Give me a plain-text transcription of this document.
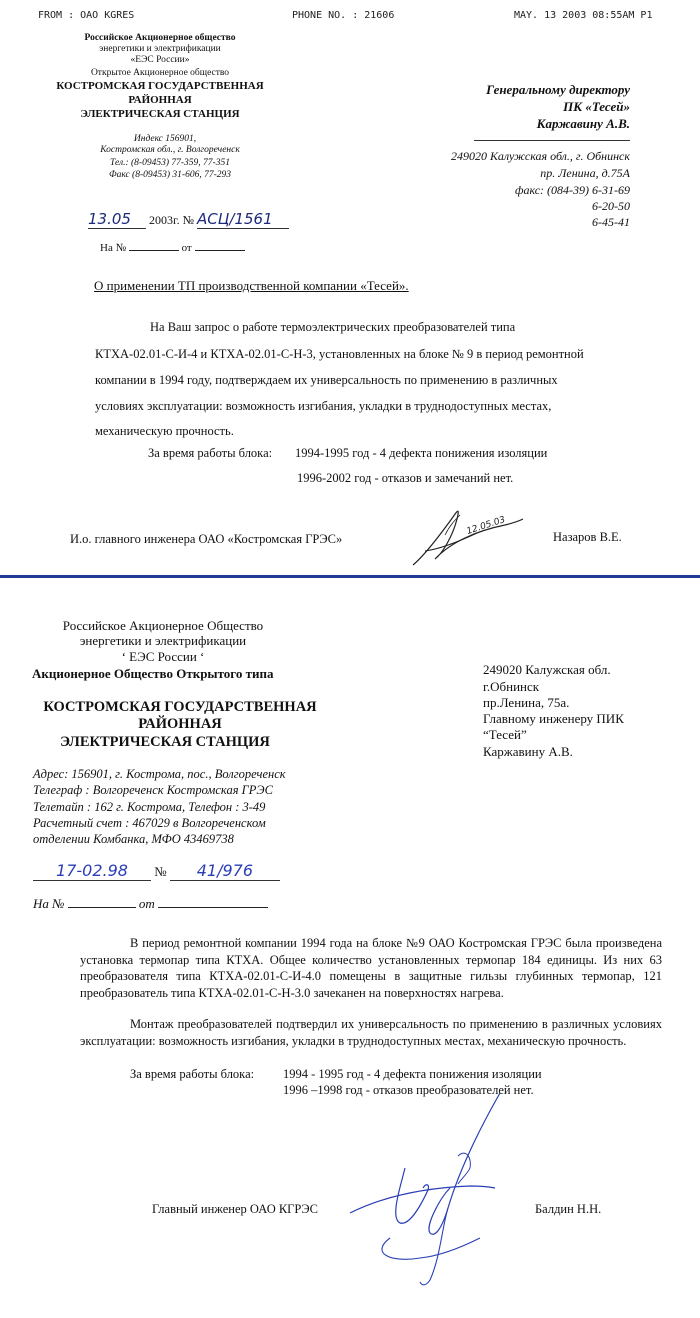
FROM : OAO KGRES	PHONE NO. : 21606	MAY. 13 2003 08:55AM P1
Российское Акционерное общество
энергетики и электрификации
«ЕЭС России»
Открытое Акционерное общество
КОСТРОМСКАЯ ГОСУДАРСТВЕННАЯ
РАЙОННАЯ
ЭЛЕКТРИЧЕСКАЯ СТАНЦИЯ
Индекс 156901,
Костромская обл., г. Волгореченск
Тел.: (8-09453) 77-359, 77-351
Факс (8-09453) 31-606, 77-293
Генеральному директору
ПК «Тесей»
Каржавину А.В.
249020 Калужская обл., г. Обнинск
пр. Ленина, д.75А
факс: (084-39) 6-31-69
6-20-50
6-45-41
13.05 2003г. № АСЦ/1561
На №	от
О применении ТП производственной компании «Тесей».
На Ваш запрос о работе термоэлектрических преобразователей типа
КТХА-02.01-С-И-4 и КТХА-02.01-С-Н-3, установленных на блоке № 9 в период ремонтной
компании в 1994 году, подтверждаем их универсальность по применению в различных
условиях эксплуатации: возможность изгибания, укладки в труднодоступных местах,
механическую прочность.
За время работы блока: 1994-1995 год - 4 дефекта понижения изоляции
1996-2002 год - отказов и замечаний нет.
И.о. главного инженера ОАО «Костромская ГРЭС»	Назаров В.Е.
12.05.03
Российское Акционерное Общество
энергетики и электрификации
‘ ЕЭС России ‘
Акционерное Общество Открытого типа
КОСТРОМСКАЯ ГОСУДАРСТВЕННАЯ
РАЙОННАЯ
ЭЛЕКТРИЧЕСКАЯ СТАНЦИЯ
Адрес: 156901, г. Кострома, пос., Волгореченск
Телеграф : Волгореченск Костромская ГРЭС
Телетайп : 162 г. Кострома, Телефон : 3-49
Расчетный счет : 467029 в Волгореченском
отделении Комбанка, МФО 43469738
17-02.98 № 41/976
На №	от
249020 Калужская обл.
г.Обнинск
пр.Ленина, 75а.
Главному инженеру ПИК
“Тесей”
Каржавину А.В.
В период ремонтной компании 1994 года на блоке №9 ОАО Костромская ГРЭС была произведена установка термопар типа КТХА. Общее количество установленных термопар 184 единицы. Из них 63 преобразователя типа КТХА-02.01-С-И-4.0 помещены в защитные гильзы глубинных термопар, 121 преобразователь типа КТХА-02.01-С-Н-3.0 зачеканен на поверхностях нагрева.
Монтаж преобразователей подтвердил их универсальность по применению в различных условиях эксплуатации: возможность изгибания, укладки в труднодоступных местах, механическую прочность.
За время работы блока: 1994 - 1995 год - 4 дефекта понижения изоляции
1996 –1998 год - отказов преобразователей нет.
Главный инженер ОАО КГРЭС	Балдин Н.Н.
